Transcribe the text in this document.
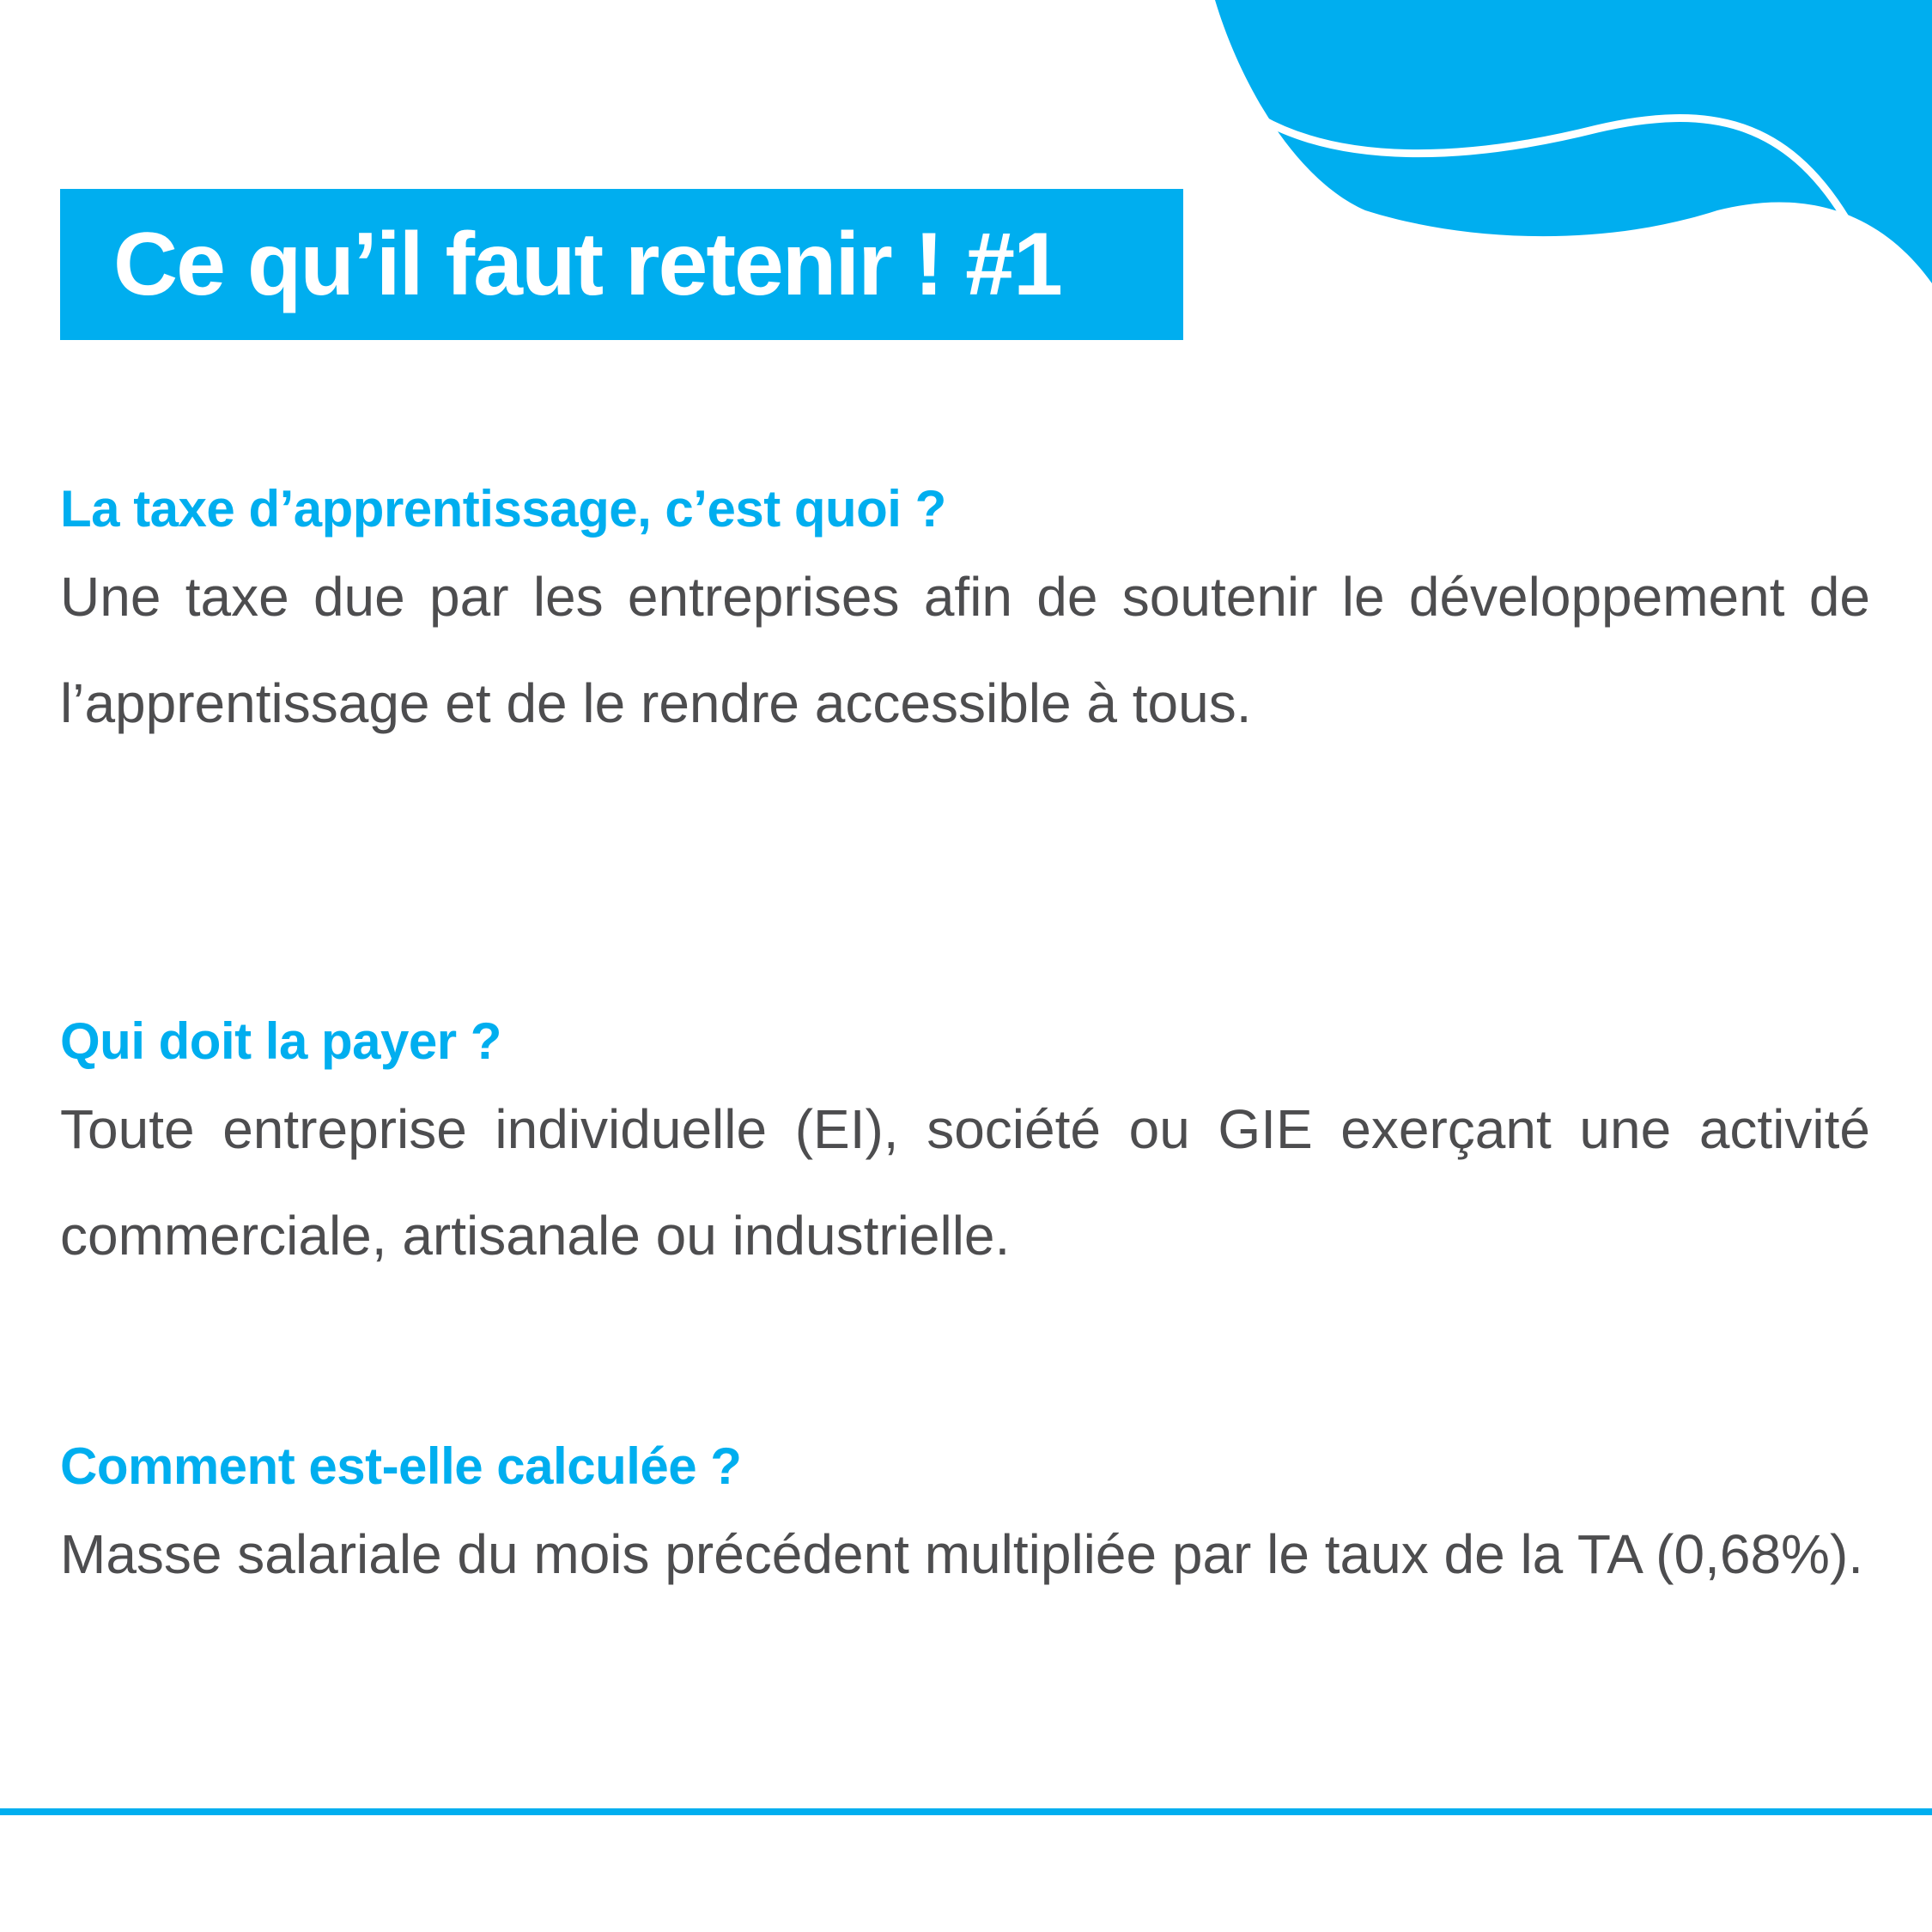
Ce qu’il faut retenir ! #1
La taxe d’apprentissage, c’est quoi ?

Une taxe due par les entreprises afin de soutenir le développement de l’apprentissage et de le rendre accessible à tous.

Qui doit la payer ?

Toute entreprise individuelle (EI), société ou GIE exerçant une activité commerciale, artisanale ou industrielle.

Comment est-elle calculée ?

Masse salariale du mois précédent multipliée par le taux de la TA (0,68%).
